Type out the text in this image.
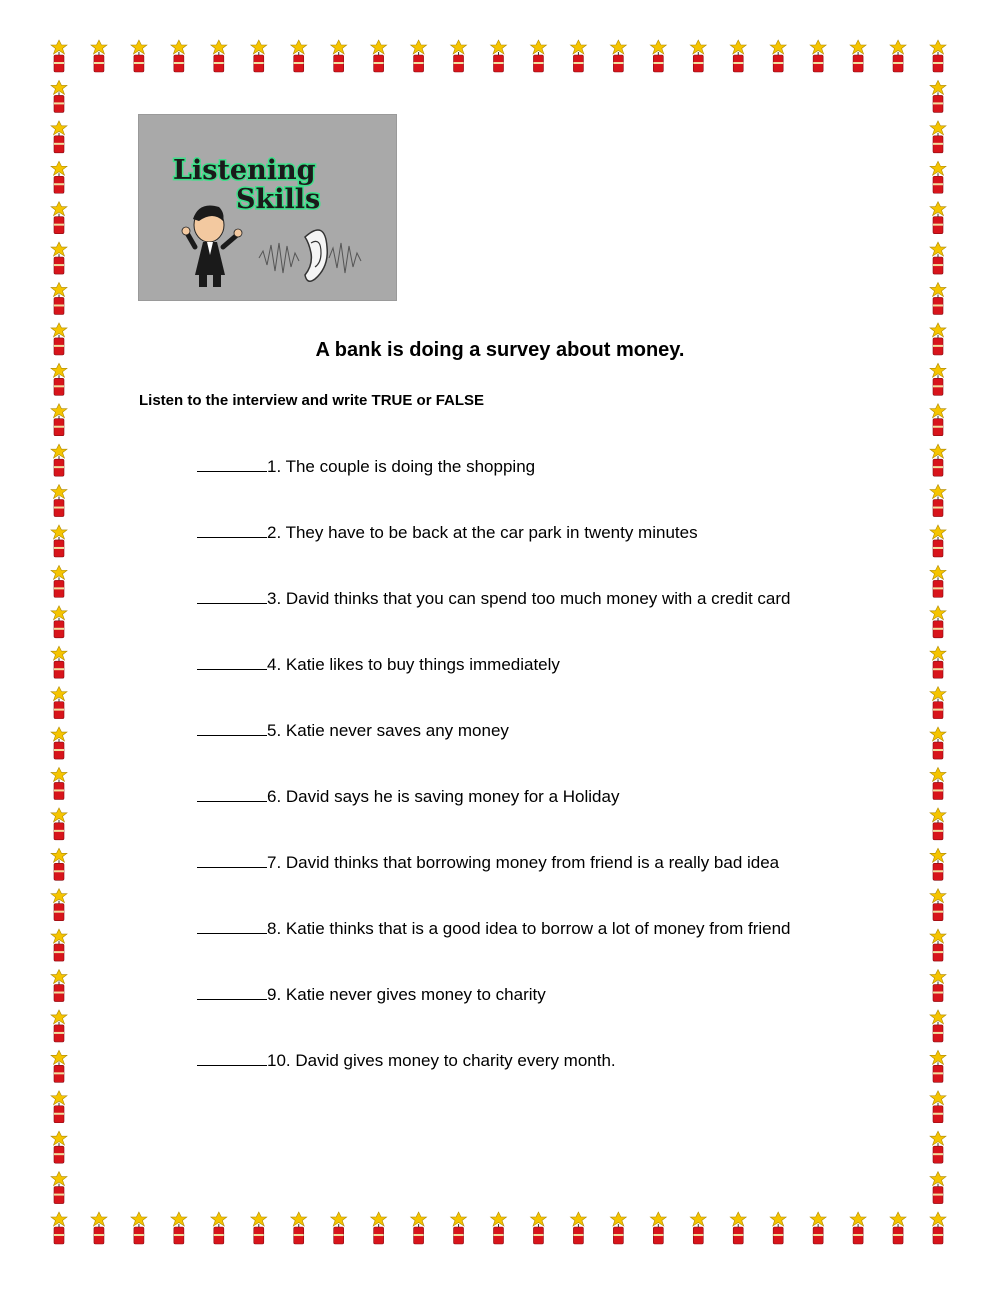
Listening
Skills
A bank is doing a survey about money.
Listen to the interview and write TRUE or FALSE
1. The couple is doing the shopping
2. They have to be back at the car park in twenty minutes
3. David thinks that you can spend too much money with a credit card
4. Katie likes to buy things immediately
5. Katie never saves any money
6. David says he is saving money for a Holiday
7. David thinks that borrowing money from friend is a really bad idea
8. Katie thinks that is a good idea to borrow a lot of money from friend
9. Katie never gives money to charity
10. David gives money to charity every month.
